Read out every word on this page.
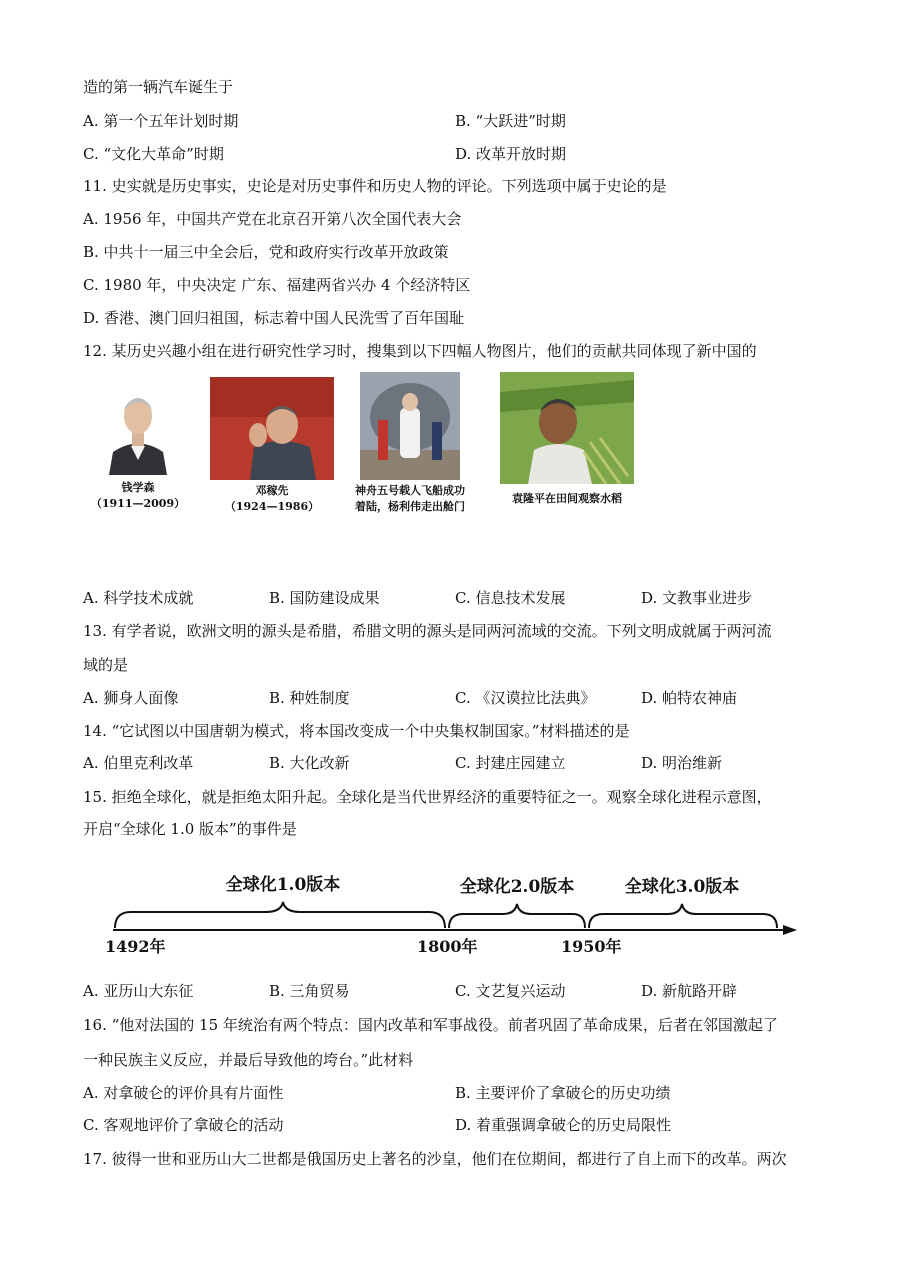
造的第一辆汽车诞生于
A. 第一个五年计划时期	B. “大跃进”时期
C. “文化大革命”时期	D. 改革开放时期
11. 史实就是历史事实，史论是对历史事件和历史人物的评论。下列选项中属于史论的是
A. 1956 年，中国共产党在北京召开第八次全国代表大会
B. 中共十一届三中全会后，党和政府实行改革开放政策
C. 1980 年，中央决定 广东、福建两省兴办 4 个经济特区
D. 香港、澳门回归祖国，标志着中国人民洗雪了百年国耻
12. 某历史兴趣小组在进行研究性学习时，搜集到以下四幅人物图片，他们的贡献共同体现了新中国的
钱学森
（1911—2009）
邓稼先
（1924—1986）
神舟五号载人飞船成功
着陆，杨利伟走出舱门
袁隆平在田间观察水稻
A. 科学技术成就	B. 国防建设成果	C. 信息技术发展	D. 文教事业进步
13. 有学者说，欧洲文明的源头是希腊，希腊文明的源头是同两河流域的交流。下列文明成就属于两河流
域的是
A. 狮身人面像	B. 种姓制度	C. 《汉谟拉比法典》	D. 帕特农神庙
14. “它试图以中国唐朝为模式，将本国改变成一个中央集权制国家。”材料描述的是
A. 伯里克利改革	B. 大化改新	C. 封建庄园建立	D. 明治维新
15. 拒绝全球化，就是拒绝太阳升起。全球化是当代世界经济的重要特征之一。观察全球化进程示意图，
开启“全球化 1.0 版本”的事件是
全球化1.0版本	全球化2.0版本	全球化3.0版本
1492年	1800年	1950年
A. 亚历山大东征	B. 三角贸易	C. 文艺复兴运动	D. 新航路开辟
16. “他对法国的 15 年统治有两个特点：国内改革和军事战役。前者巩固了革命成果，后者在邻国激起了
一种民族主义反应，并最后导致他的垮台。”此材料
A. 对拿破仑的评价具有片面性	B. 主要评价了拿破仑的历史功绩
C. 客观地评价了拿破仑的活动	D. 着重强调拿破仑的历史局限性
17. 彼得一世和亚历山大二世都是俄国历史上著名的沙皇，他们在位期间，都进行了自上而下的改革。两次
